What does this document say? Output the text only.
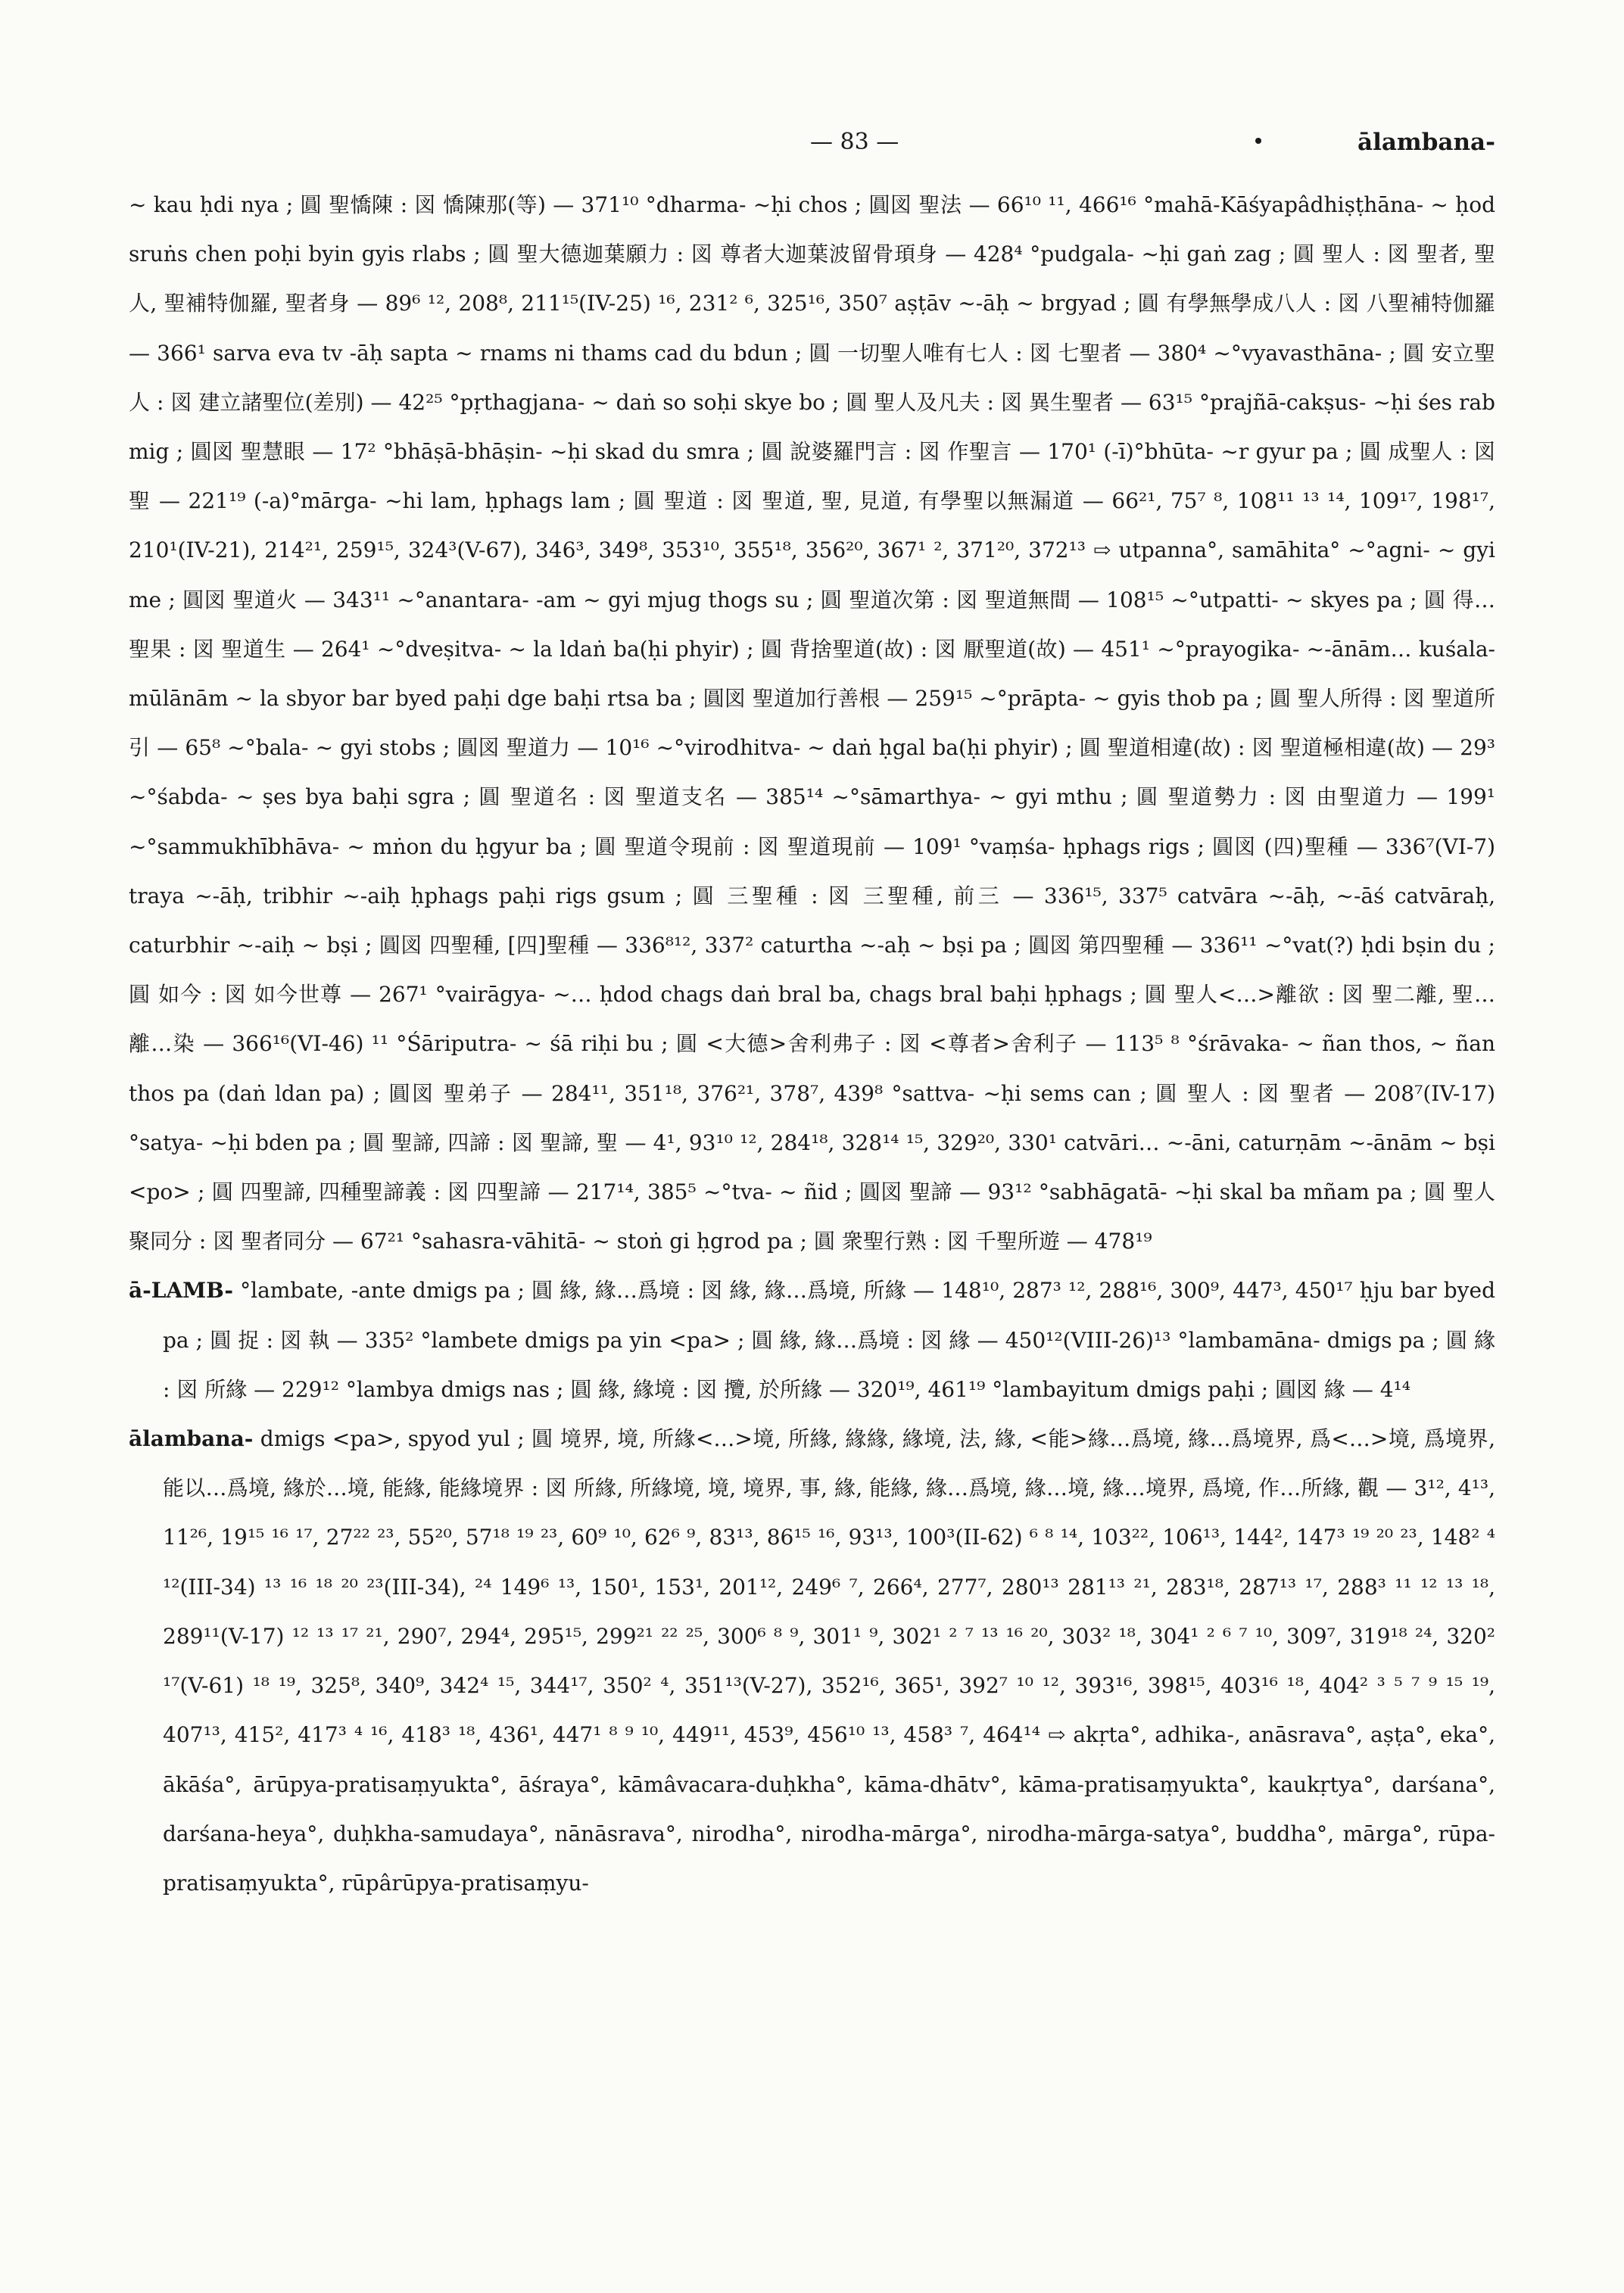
— 83 —	ālambana-

~ kau ḥdi nya ; 圓 聖憍陳 : 図 憍陳那(等) — 371¹⁰ °dharma- ~ḥi chos ; 圓図 聖法 — 66¹⁰ ¹¹, 466¹⁶ °mahā-Kāśyapâdhiṣṭhāna- ~ ḥod sruṅs chen poḥi byin gyis rlabs ; 圓 聖大德迦葉願力 : 図 尊者大迦葉波留骨頊身 — 428⁴ °pudgala- ~ḥi gaṅ zag ; 圓 聖人 : 図 聖者, 聖人, 聖補特伽羅, 聖者身 — 89⁶ ¹², 208⁸, 211¹⁵(IV-25) ¹⁶, 231² ⁶, 325¹⁶, 350⁷ aṣṭāv ~-āḥ ~ brgyad ; 圓 有學無學成八人 : 図 八聖補特伽羅 — 366¹ sarva eva tv -āḥ sapta ~ rnams ni thams cad du bdun ; 圓 一切聖人唯有七人 : 図 七聖者 — 380⁴ ~°vyavasthāna- ; 圓 安立聖人 : 図 建立諸聖位(差別) — 42²⁵ °pṛthagjana- ~ daṅ so soḥi skye bo ; 圓 聖人及凡夫 : 図 異生聖者 — 63¹⁵ °prajñā-cakṣus- ~ḥi śes rab mig ; 圓図 聖慧眼 — 17² °bhāṣā-bhāṣin- ~ḥi skad du smra ; 圓 說婆羅門言 : 図 作聖言 — 170¹ (-ī)°bhūta- ~r gyur pa ; 圓 成聖人 : 図 聖 — 221¹⁹ (-a)°mārga- ~hi lam, ḥphags lam ; 圓 聖道 : 図 聖道, 聖, 見道, 有學聖以無漏道 — 66²¹, 75⁷ ⁸, 108¹¹ ¹³ ¹⁴, 109¹⁷, 198¹⁷, 210¹(IV-21), 214²¹, 259¹⁵, 324³(V-67), 346³, 349⁸, 353¹⁰, 355¹⁸, 356²⁰, 367¹ ², 371²⁰, 372¹³ ⇨ utpanna°, samāhita° ~°agni- ~ gyi me ; 圓図 聖道火 — 343¹¹ ~°anantara- -am ~ gyi mjug thogs su ; 圓 聖道次第 : 図 聖道無間 — 108¹⁵ ~°utpatti- ~ skyes pa ; 圓 得…聖果 : 図 聖道生 — 264¹ ~°dveṣitva- ~ la ldaṅ ba(ḥi phyir) ; 圓 背捨聖道(故) : 図 厭聖道(故) — 451¹ ~°prayogika- ~-ānām… kuśala-mūlānām ~ la sbyor bar byed paḥi dge baḥi rtsa ba ; 圓図 聖道加行善根 — 259¹⁵ ~°prāpta- ~ gyis thob pa ; 圓 聖人所得 : 図 聖道所引 — 65⁸ ~°bala- ~ gyi stobs ; 圓図 聖道力 — 10¹⁶ ~°virodhitva- ~ daṅ ḥgal ba(ḥi phyir) ; 圓 聖道相違(故) : 図 聖道極相違(故) — 29³ ~°śabda- ~ ṣes bya baḥi sgra ; 圓 聖道名 : 図 聖道支名 — 385¹⁴ ~°sāmarthya- ~ gyi mthu ; 圓 聖道勢力 : 図 由聖道力 — 199¹ ~°sammukhībhāva- ~ mṅon du ḥgyur ba ; 圓 聖道令現前 : 図 聖道現前 — 109¹ °vaṃśa- ḥphags rigs ; 圓図 (四)聖種 — 336⁷(VI-7) traya ~-āḥ, tribhir ~-aiḥ ḥphags paḥi rigs gsum ; 圓 三聖種 : 図 三聖種, 前三 — 336¹⁵, 337⁵ catvāra ~-āḥ, ~-āś catvāraḥ, caturbhir ~-aiḥ ~ bṣi ; 圓図 四聖種, [四]聖種 — 336⁸¹², 337² caturtha ~-aḥ ~ bṣi pa ; 圓図 第四聖種 — 336¹¹ ~°vat(?) ḥdi bṣin du ; 圓 如今 : 図 如今世尊 — 267¹ °vairāgya- ~… ḥdod chags daṅ bral ba, chags bral baḥi ḥphags ; 圓 聖人<…>離欲 : 図 聖二離, 聖…離…染 — 366¹⁶(VI-46) ¹¹ °Śāriputra- ~ śā riḥi bu ; 圓 <大德>舍利弗子 : 図 <尊者>舍利子 — 113⁵ ⁸ °śrāvaka- ~ ñan thos, ~ ñan thos pa (daṅ ldan pa) ; 圓図 聖弟子 — 284¹¹, 351¹⁸, 376²¹, 378⁷, 439⁸ °sattva- ~ḥi sems can ; 圓 聖人 : 図 聖者 — 208⁷(IV-17) °satya- ~ḥi bden pa ; 圓 聖諦, 四諦 : 図 聖諦, 聖 — 4¹, 93¹⁰ ¹², 284¹⁸, 328¹⁴ ¹⁵, 329²⁰, 330¹ catvāri… ~-āni, caturṇām ~-ānām ~ bṣi <po> ; 圓 四聖諦, 四種聖諦義 : 図 四聖諦 — 217¹⁴, 385⁵ ~°tva- ~ ñid ; 圓図 聖諦 — 93¹² °sabhāgatā- ~ḥi skal ba mñam pa ; 圓 聖人聚同分 : 図 聖者同分 — 67²¹ °sahasra-vāhitā- ~ stoṅ gi ḥgrod pa ; 圓 衆聖行熟 : 図 千聖所遊 — 478¹⁹

ā-LAMB- °lambate, -ante dmigs pa ; 圓 緣, 緣…爲境 : 図 緣, 緣…爲境, 所緣 — 148¹⁰, 287³ ¹², 288¹⁶, 300⁹, 447³, 450¹⁷ ḥju bar byed pa ; 圓 捉 : 図 執 — 335² °lambete dmigs pa yin <pa> ; 圓 緣, 緣…爲境 : 図 緣 — 450¹²(VIII-26)¹³ °lambamāna- dmigs pa ; 圓 緣 : 図 所緣 — 229¹² °lambya dmigs nas ; 圓 緣, 緣境 : 図 攬, 於所緣 — 320¹⁹, 461¹⁹ °lambayitum dmigs paḥi ; 圓図 緣 — 4¹⁴

ālambana- dmigs <pa>, spyod yul ; 圓 境界, 境, 所緣<…>境, 所緣, 緣緣, 緣境, 法, 緣, <能>緣…爲境, 緣…爲境界, 爲<…>境, 爲境界, 能以…爲境, 緣於…境, 能緣, 能緣境界 : 図 所緣, 所緣境, 境, 境界, 事, 緣, 能緣, 緣…爲境, 緣…境, 緣…境界, 爲境, 作…所緣, 觀 — 3¹², 4¹³, 11²⁶, 19¹⁵ ¹⁶ ¹⁷, 27²² ²³, 55²⁰, 57¹⁸ ¹⁹ ²³, 60⁹ ¹⁰, 62⁶ ⁹, 83¹³, 86¹⁵ ¹⁶, 93¹³, 100³(II-62) ⁶ ⁸ ¹⁴, 103²², 106¹³, 144², 147³ ¹⁹ ²⁰ ²³, 148² ⁴ ¹²(III-34) ¹³ ¹⁶ ¹⁸ ²⁰ ²³(III-34), ²⁴ 149⁶ ¹³, 150¹, 153¹, 201¹², 249⁶ ⁷, 266⁴, 277⁷, 280¹³ 281¹³ ²¹, 283¹⁸, 287¹³ ¹⁷, 288³ ¹¹ ¹² ¹³ ¹⁸, 289¹¹(V-17) ¹² ¹³ ¹⁷ ²¹, 290⁷, 294⁴, 295¹⁵, 299²¹ ²² ²⁵, 300⁶ ⁸ ⁹, 301¹ ⁹, 302¹ ² ⁷ ¹³ ¹⁶ ²⁰, 303² ¹⁸, 304¹ ² ⁶ ⁷ ¹⁰, 309⁷, 319¹⁸ ²⁴, 320² ¹⁷(V-61) ¹⁸ ¹⁹, 325⁸, 340⁹, 342⁴ ¹⁵, 344¹⁷, 350² ⁴, 351¹³(V-27), 352¹⁶, 365¹, 392⁷ ¹⁰ ¹², 393¹⁶, 398¹⁵, 403¹⁶ ¹⁸, 404² ³ ⁵ ⁷ ⁹ ¹⁵ ¹⁹, 407¹³, 415², 417³ ⁴ ¹⁶, 418³ ¹⁸, 436¹, 447¹ ⁸ ⁹ ¹⁰, 449¹¹, 453⁹, 456¹⁰ ¹³, 458³ ⁷, 464¹⁴ ⇨ akṛta°, adhika-, anāsrava°, aṣṭa°, eka°, ākāśa°, ārūpya-pratisaṃyukta°, āśraya°, kāmâvacara-duḥkha°, kāma-dhātv°, kāma-pratisaṃyukta°, kaukṛtya°, darśana°, darśana-heya°, duḥkha-samudaya°, nānāsrava°, nirodha°, nirodha-mārga°, nirodha-mārga-satya°, buddha°, mārga°, rūpa-pratisaṃyukta°, rūpârūpya-pratisaṃyu-
